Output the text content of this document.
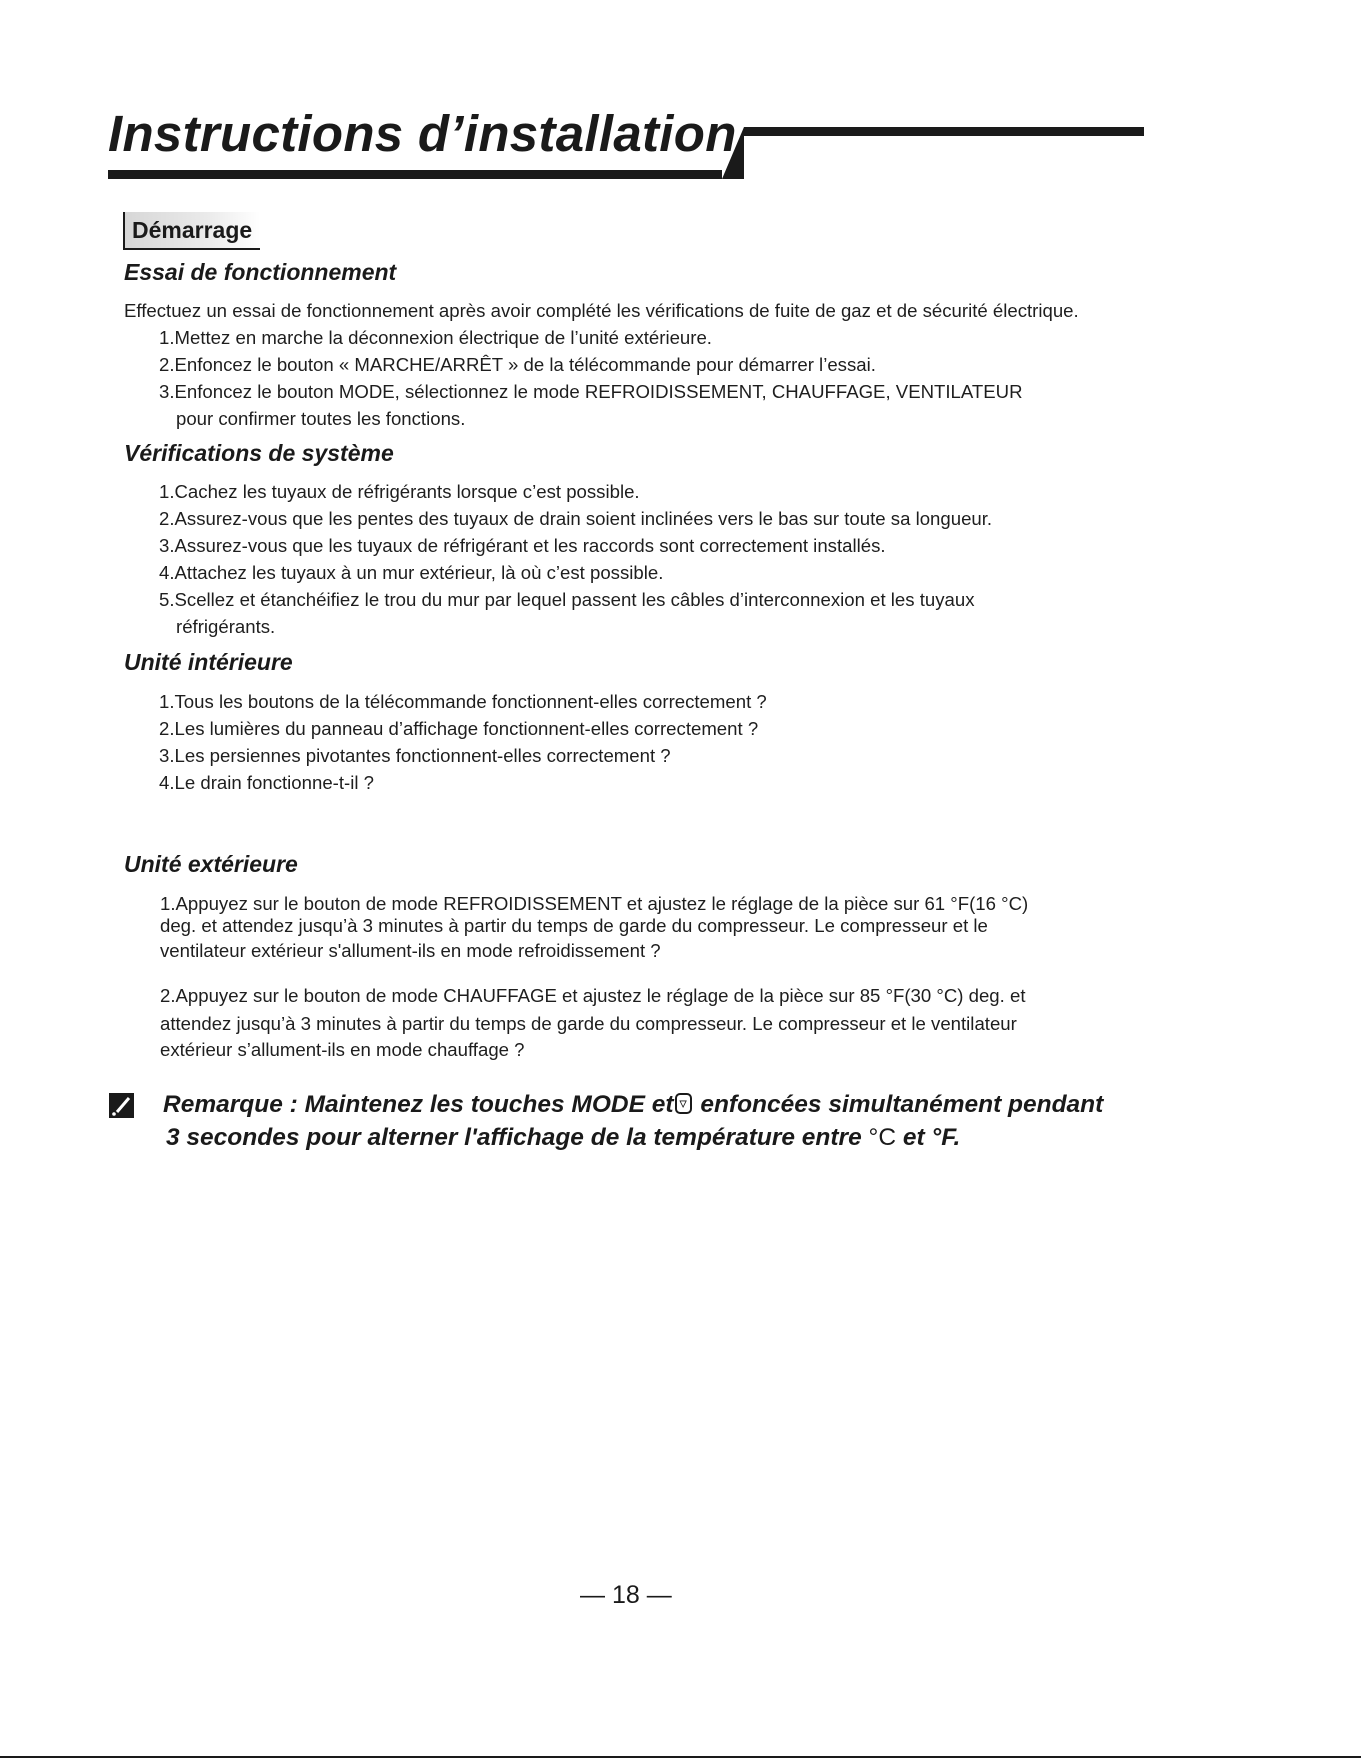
Instructions d’installation
Démarrage
Essai de fonctionnement

Effectuez un essai de fonctionnement après avoir complété les vérifications de fuite de gaz et de sécurité électrique.

1.Mettez en marche la déconnexion électrique de l’unité extérieure.

2.Enfoncez le bouton « MARCHE/ARRÊT » de la télécommande pour démarrer l’essai.

3.Enfoncez le bouton MODE, sélectionnez le mode REFROIDISSEMENT, CHAUFFAGE, VENTILATEUR

pour confirmer toutes les fonctions.

Vérifications de système

1.Cachez les tuyaux de réfrigérants lorsque c’est possible.

2.Assurez-vous que les pentes des tuyaux de drain soient inclinées vers le bas sur toute sa longueur.

3.Assurez-vous que les tuyaux de réfrigérant et les raccords sont correctement installés.

4.Attachez les tuyaux à un mur extérieur, là où c’est possible.

5.Scellez et étanchéifiez le trou du mur par lequel passent les câbles d’interconnexion et les tuyaux

réfrigérants.

Unité intérieure

1.Tous les boutons de la télécommande fonctionnent-elles correctement ?

2.Les lumières du panneau d’affichage fonctionnent-elles correctement ?

3.Les persiennes pivotantes fonctionnent-elles correctement ?

4.Le drain fonctionne-t-il ?

Unité extérieure

1.Appuyez sur le bouton de mode REFROIDISSEMENT et ajustez le réglage de la pièce sur 61 °F(16 °C)

deg. et attendez jusqu’à 3 minutes à partir du temps de garde du compresseur. Le compresseur et le

ventilateur extérieur s'allument-ils en mode refroidissement ?

2.Appuyez sur le bouton de mode CHAUFFAGE et ajustez le réglage de la pièce sur 85 °F(30 °C) deg. et

attendez jusqu’à 3 minutes à partir du temps de garde du compresseur. Le compresseur et le ventilateur

extérieur s’allument-ils en mode chauffage ?

Remarque : Maintenez les touches MODE et ▽ enfoncées simultanément pendant

3 secondes pour alterner l'affichage de la température entre °C et °F.

— 18 —
